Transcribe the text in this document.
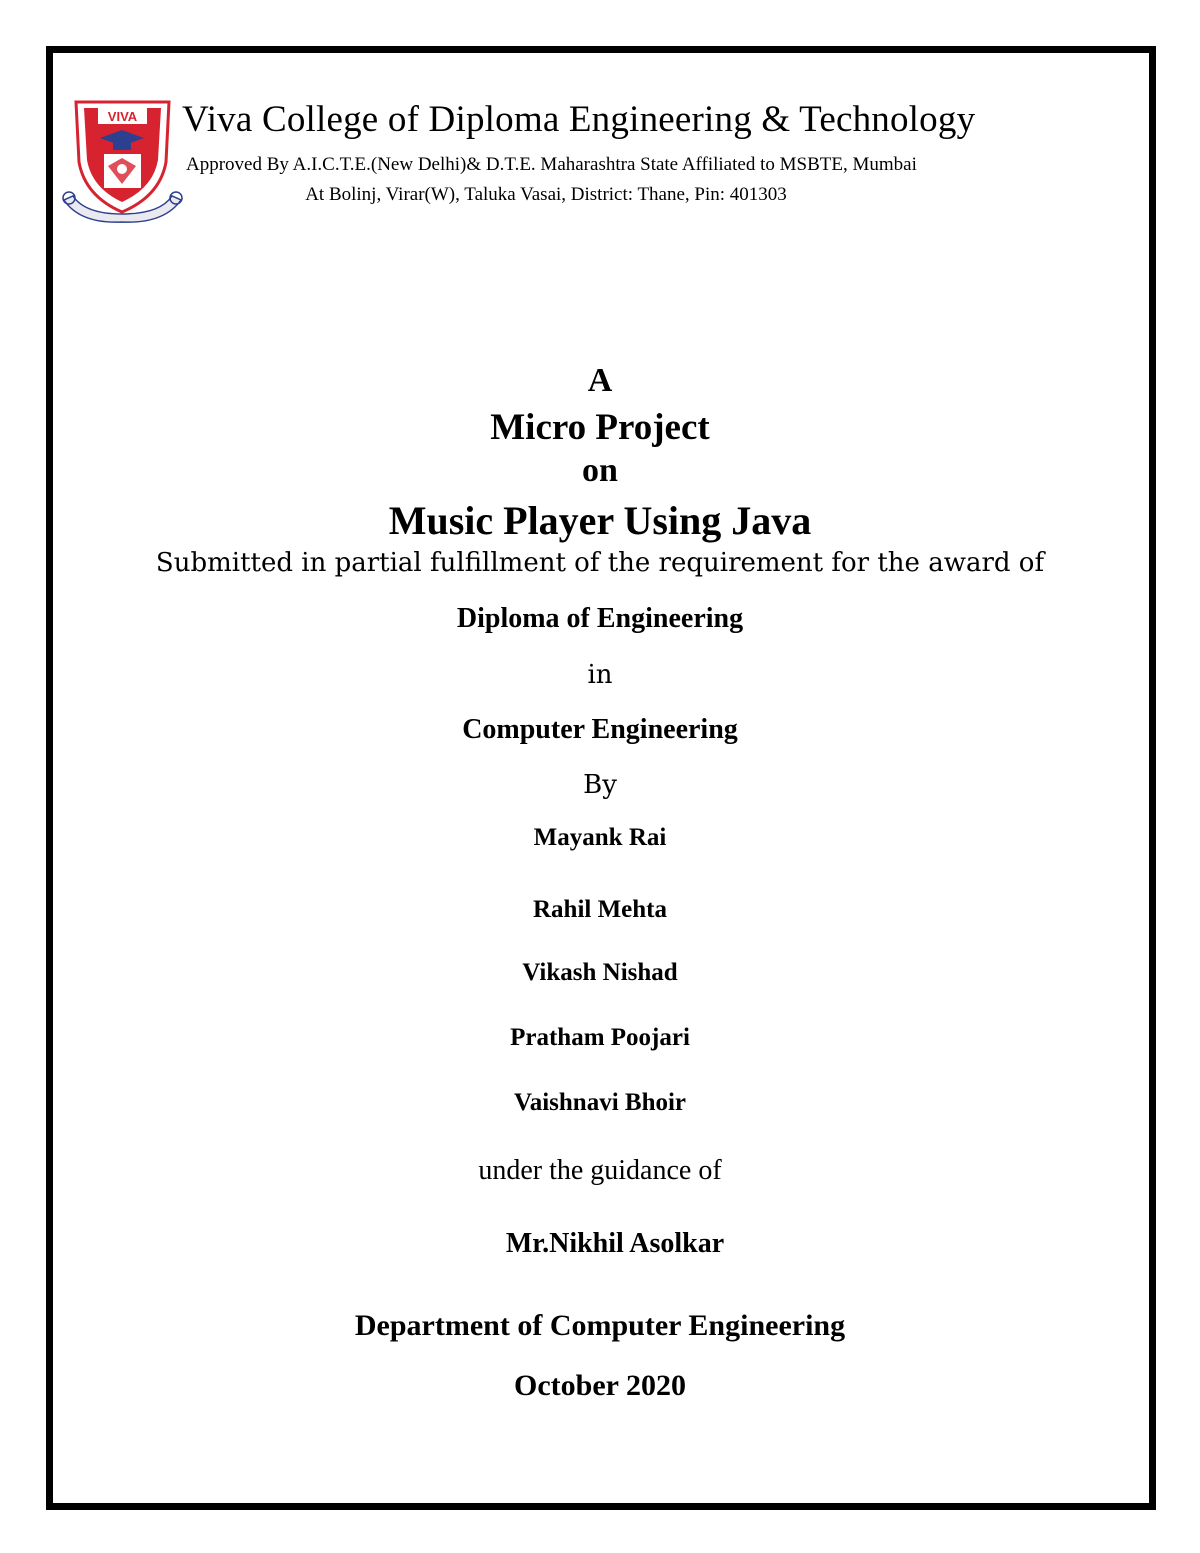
VIVA Viva College of Diploma Engineering & Technology
Approved By A.I.C.T.E.(New Delhi)& D.T.E. Maharashtra State Affiliated to MSBTE, Mumbai
At Bolinj, Virar(W), Taluka Vasai, District: Thane, Pin: 401303
A
Micro Project
on
Music Player Using Java
Submitted in partial fulfillment of the requirement for the award of
Diploma of Engineering
in
Computer Engineering
By
Mayank Rai
Rahil Mehta
Vikash Nishad
Pratham Poojari
Vaishnavi Bhoir
under the guidance of
Mr.Nikhil Asolkar
Department of Computer Engineering
October 2020
